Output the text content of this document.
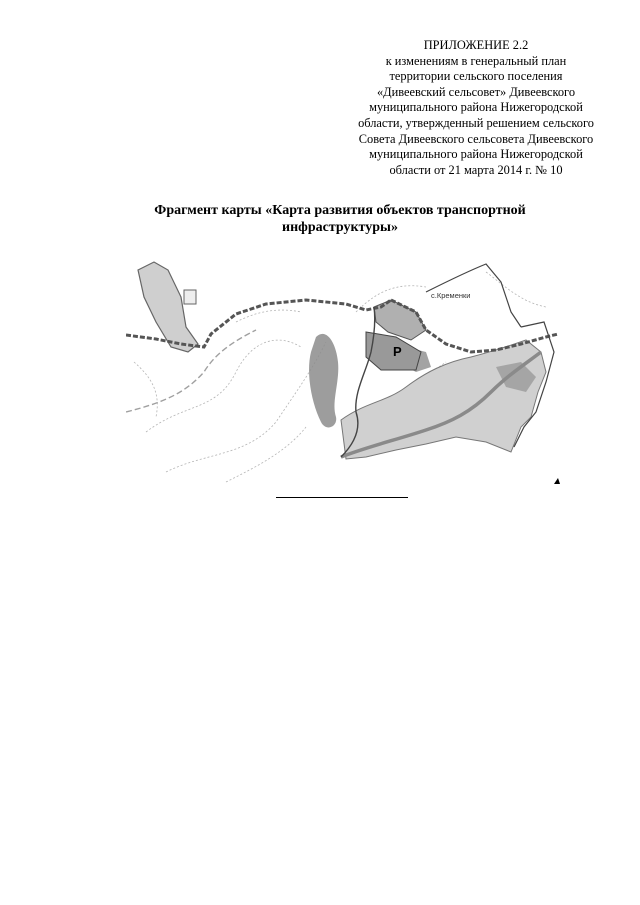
ПРИЛОЖЕНИЕ 2.2
к изменениям в генеральный план
территории сельского поселения
«Дивеевский сельсовет» Дивеевского
муниципального района Нижегородской
области, утвержденный решением сельского
Совета Дивеевского сельсовета Дивеевского
муниципального района Нижегородской
области от 21 марта 2014 г. № 10
Фрагмент карты «Карта развития объектов транспортной
инфраструктуры»
с.Кременки
P
